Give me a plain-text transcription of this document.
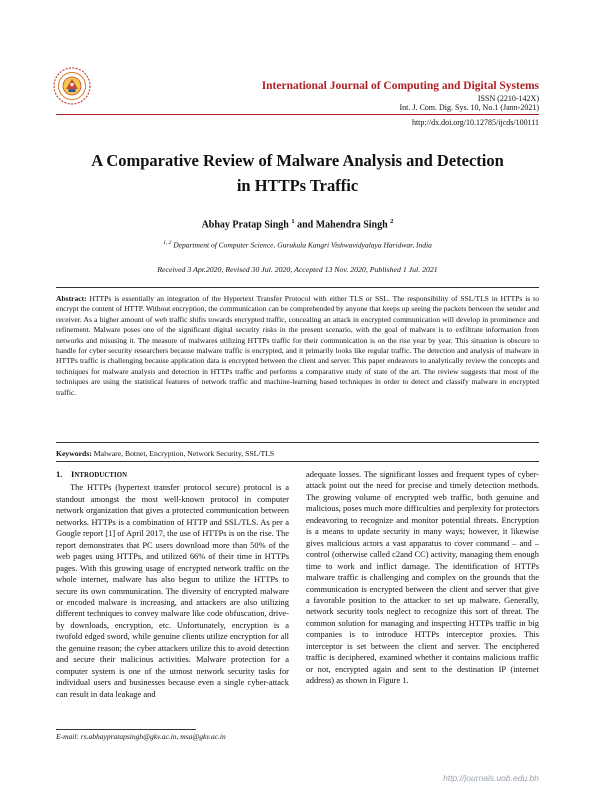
International Journal of Computing and Digital Systems
ISSN (2210-142X)
Int. J. Com. Dig. Sys. 10, No.1 (Jann-2021)
http://dx.doi.org/10.12785/ijcds/100111
A Comparative Review of Malware Analysis and Detection
in HTTPs Traffic
Abhay Pratap Singh $^1$ and Mahendra Singh $^2$
$^{1, 2}$ Department of Computer Science, Gurukula Kangri Vishwavidyalaya Haridwar, India
Received 3 Apr.2020, Revised 30 Jul. 2020, Accepted 13 Nov. 2020, Published 1 Jul. 2021
Abstract: HTTPs is essentially an integration of the Hypertext Transfer Protocol with either TLS or SSL. The responsibility of SSL/TLS in HTTPs is to encrypt the content of HTTP. Without encryption, the communication can be comprehended by anyone that keeps up seeing the packets between the sender and receiver. As a higher amount of web traffic shifts towards encrypted traffic, concealing an attack in encrypted communication will develop in prominence and refinement. Malware poses one of the significant digital security risks in the present scenario, with the goal of malware is to exfiltrate information from networks and misusing it. The measure of malwares utilizing HTTPs traffic for their communication is on the rise year by year. This situation is obscure to handle for cyber security researchers because malware traffic is encrypted, and it primarily looks like regular traffic. The detection and analysis of malware in HTTPs traffic is challenging because application data is encrypted between the client and server. This paper endeavors to analytically review the concepts and techniques for malware analysis and detection in HTTPs traffic and performs a comparative study of state of the art. The review suggests that most of the techniques are using the statistical features of network traffic and machine-learning based techniques in order to detect and classify malware in encrypted traffic.
Keywords: Malware, Botnet, Encryption, Network Security, SSL/TLS
1. INTRODUCTION

The HTTPs (hypertext transfer protocol secure) protocol is a standout amongst the most well-known protocol in computer network organization that gives a protected communication between networks. HTTPs is a combination of HTTP and SSL/TLS. As per a Google report [1] of April 2017, the use of HTTPs is on the rise. The report demonstrates that PC users download more than 50% of the web pages using HTTPs, and utilized 66% of their time in HTTPs pages. With this growing usage of encrypted network traffic on the whole internet, malware has also begun to utilize the HTTPs to secure its own communication. The diversity of encrypted malware or encoded malware is increasing, and attackers are also utilizing different techniques to convey malware like code obfuscation, drive-by downloads, encryption, etc. Unfortunately, encryption is a twofold edged sword, while genuine clients utilize encryption for all the genuine reason; the cyber attackers utilize this to avoid detection and secure their malicious activities. Malware protection for a computer system is one of the utmost network security tasks for individual users and businesses because even a single cyber-attack can result in data leakage and

adequate losses. The significant losses and frequent types of cyber-attack point out the need for precise and timely detection methods. The growing volume of encrypted web traffic, both genuine and malicious, poses much more difficulties and perplexity for protectors endeavoring to recognize and monitor potential threats. Encryption is a means to update security in many ways; however, it likewise gives malicious actors a vast apparatus to cover command – and – control (otherwise called c2and CC) activity, managing them enough time to work and inflict damage. The identification of HTTPs malware traffic is challenging and complex on the grounds that the communication is encrypted between the client and server that give a favorable position to the attacker to set up malware. Generally, network security tools neglect to recognize this sort of threat. The common solution for managing and inspecting HTTPs traffic in big companies is to introduce HTTPs interceptor proxies. This interceptor is set between the client and server. The enciphered traffic is deciphered, examined whether it contains malicious traffic or not, encrypted again and sent to the destination IP (internet address) as shown in Figure 1.

E-mail: rs.abhaypratapsingh@gkv.ac.in, msa@gkv.ac.in
http://journals.uob.edu.bh
